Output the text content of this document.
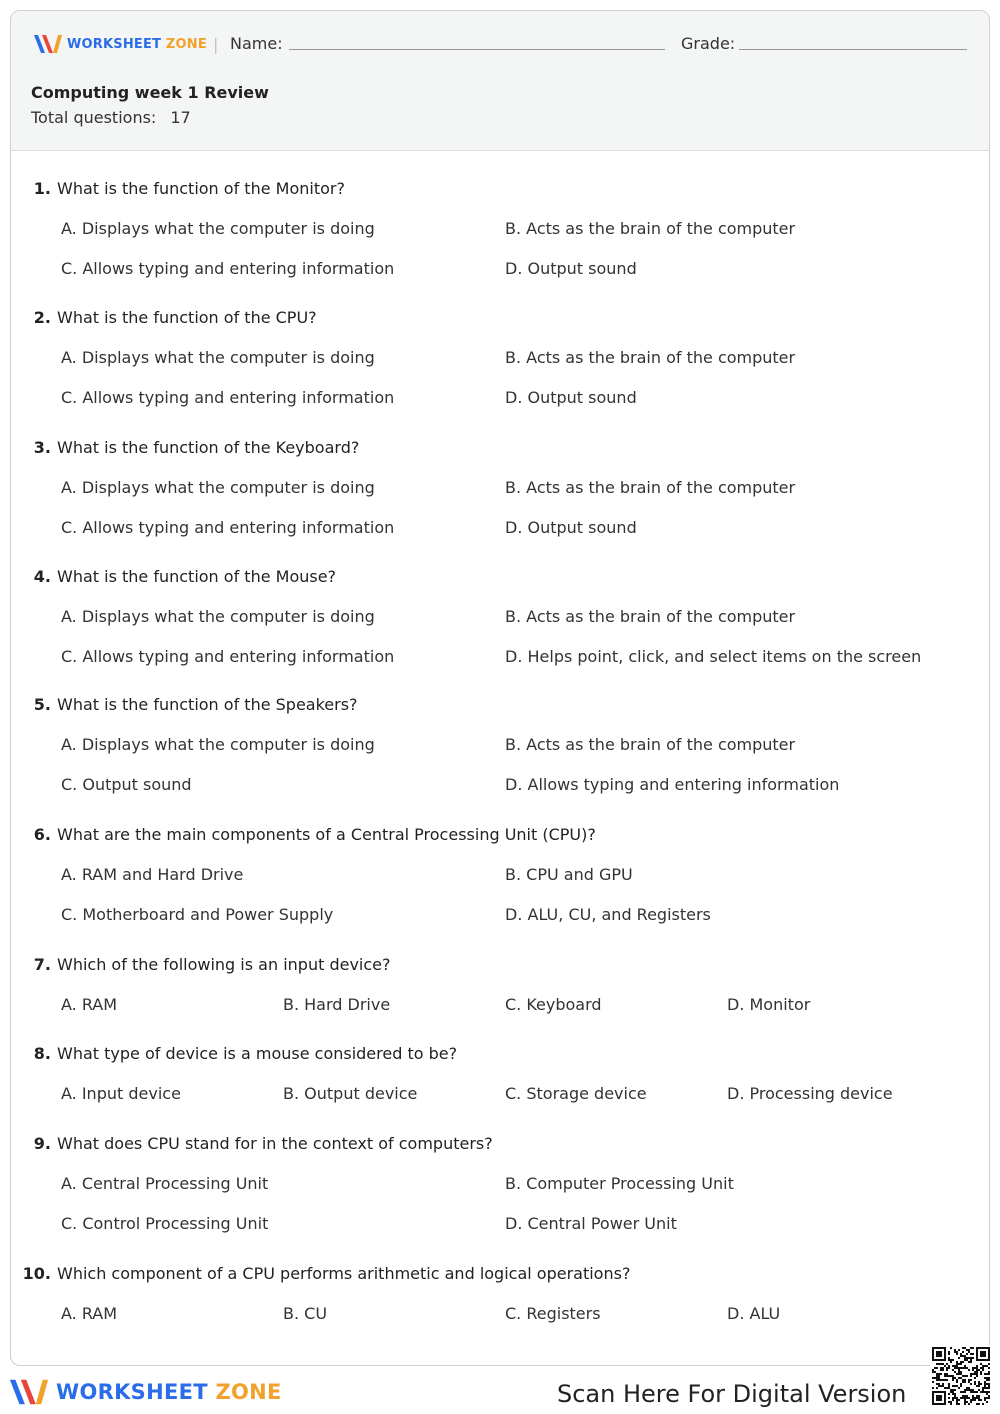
WORKSHEET ZONE | Name:	Grade:
Computing week 1 Review
Total questions: 17
1. What is the function of the Monitor?
A. Displays what the computer is doing	B. Acts as the brain of the computer
C. Allows typing and entering information	D. Output sound
2. What is the function of the CPU?
A. Displays what the computer is doing	B. Acts as the brain of the computer
C. Allows typing and entering information	D. Output sound
3. What is the function of the Keyboard?
A. Displays what the computer is doing	B. Acts as the brain of the computer
C. Allows typing and entering information	D. Output sound
4. What is the function of the Mouse?
A. Displays what the computer is doing	B. Acts as the brain of the computer
C. Allows typing and entering information	D. Helps point, click, and select items on the screen
5. What is the function of the Speakers?
A. Displays what the computer is doing	B. Acts as the brain of the computer
C. Output sound	D. Allows typing and entering information
6. What are the main components of a Central Processing Unit (CPU)?
A. RAM and Hard Drive	B. CPU and GPU
C. Motherboard and Power Supply	D. ALU, CU, and Registers
7. Which of the following is an input device?
A. RAM	B. Hard Drive	C. Keyboard	D. Monitor
8. What type of device is a mouse considered to be?
A. Input device	B. Output device	C. Storage device	D. Processing device
9. What does CPU stand for in the context of computers?
A. Central Processing Unit	B. Computer Processing Unit
C. Control Processing Unit	D. Central Power Unit
10. Which component of a CPU performs arithmetic and logical operations?
A. RAM	B. CU	C. Registers	D. ALU
WORKSHEET ZONE	Scan Here For Digital Version
